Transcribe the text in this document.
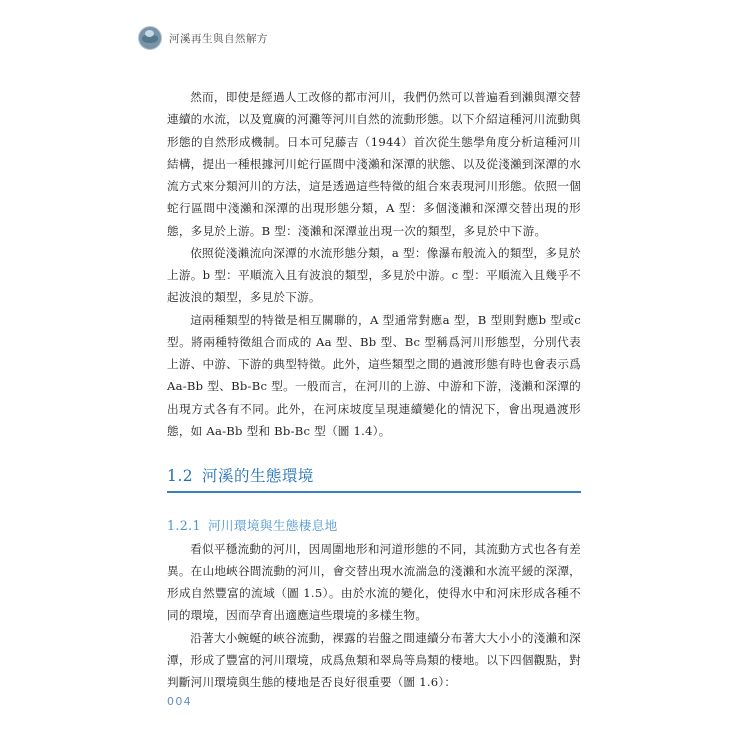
河溪再生與自然解方

然而，即使是經過人工改修的都市河川，我們仍然可以普遍看到瀨與潭交替連續的水流，以及寬廣的河灘等河川自然的流動形態。以下介紹這種河川流動與形態的自然形成機制。日本可兒藤吉（1944）首次從生態學角度分析這種河川結構，提出一種根據河川蛇行區間中淺瀨和深潭的狀態、以及從淺瀨到深潭的水流方式來分類河川的方法，這是透過這些特徵的組合來表現河川形態。依照一個蛇行區間中淺瀨和深潭的出現形態分類，A 型：多個淺瀨和深潭交替出現的形態，多見於上游。B 型：淺瀨和深潭並出現一次的類型，多見於中下游。

依照從淺瀨流向深潭的水流形態分類，a 型：像瀑布般流入的類型，多見於上游。b 型：平順流入且有波浪的類型，多見於中游。c 型：平順流入且幾乎不起波浪的類型，多見於下游。

這兩種類型的特徵是相互關聯的，A 型通常對應a 型，B 型則對應b 型或c 型。將兩種特徵組合而成的 Aa 型、Bb 型、Bc 型稱爲河川形態型，分別代表上游、中游、下游的典型特徵。此外，這些類型之間的過渡形態有時也會表示爲 Aa-Bb 型、Bb-Bc 型。一般而言，在河川的上游、中游和下游，淺瀨和深潭的出現方式各有不同。此外，在河床坡度呈現連續變化的情況下，會出現過渡形態，如 Aa-Bb 型和 Bb-Bc 型（圖 1.4）。

1.2 河溪的生態環境
1.2.1 河川環境與生態棲息地

看似平穩流動的河川，因周圍地形和河道形態的不同，其流動方式也各有差異。在山地峽谷間流動的河川，會交替出現水流湍急的淺瀨和水流平緩的深潭，形成自然豐富的流域（圖 1.5）。由於水流的變化，使得水中和河床形成各種不同的環境，因而孕育出適應這些環境的多樣生物。

沿著大小蜿蜒的峽谷流動，裸露的岩盤之間連續分布著大大小小的淺瀨和深潭，形成了豐富的河川環境，成爲魚類和翠鳥等鳥類的棲地。以下四個觀點，對判斷河川環境與生態的棲地是否良好很重要（圖 1.6）：

004
